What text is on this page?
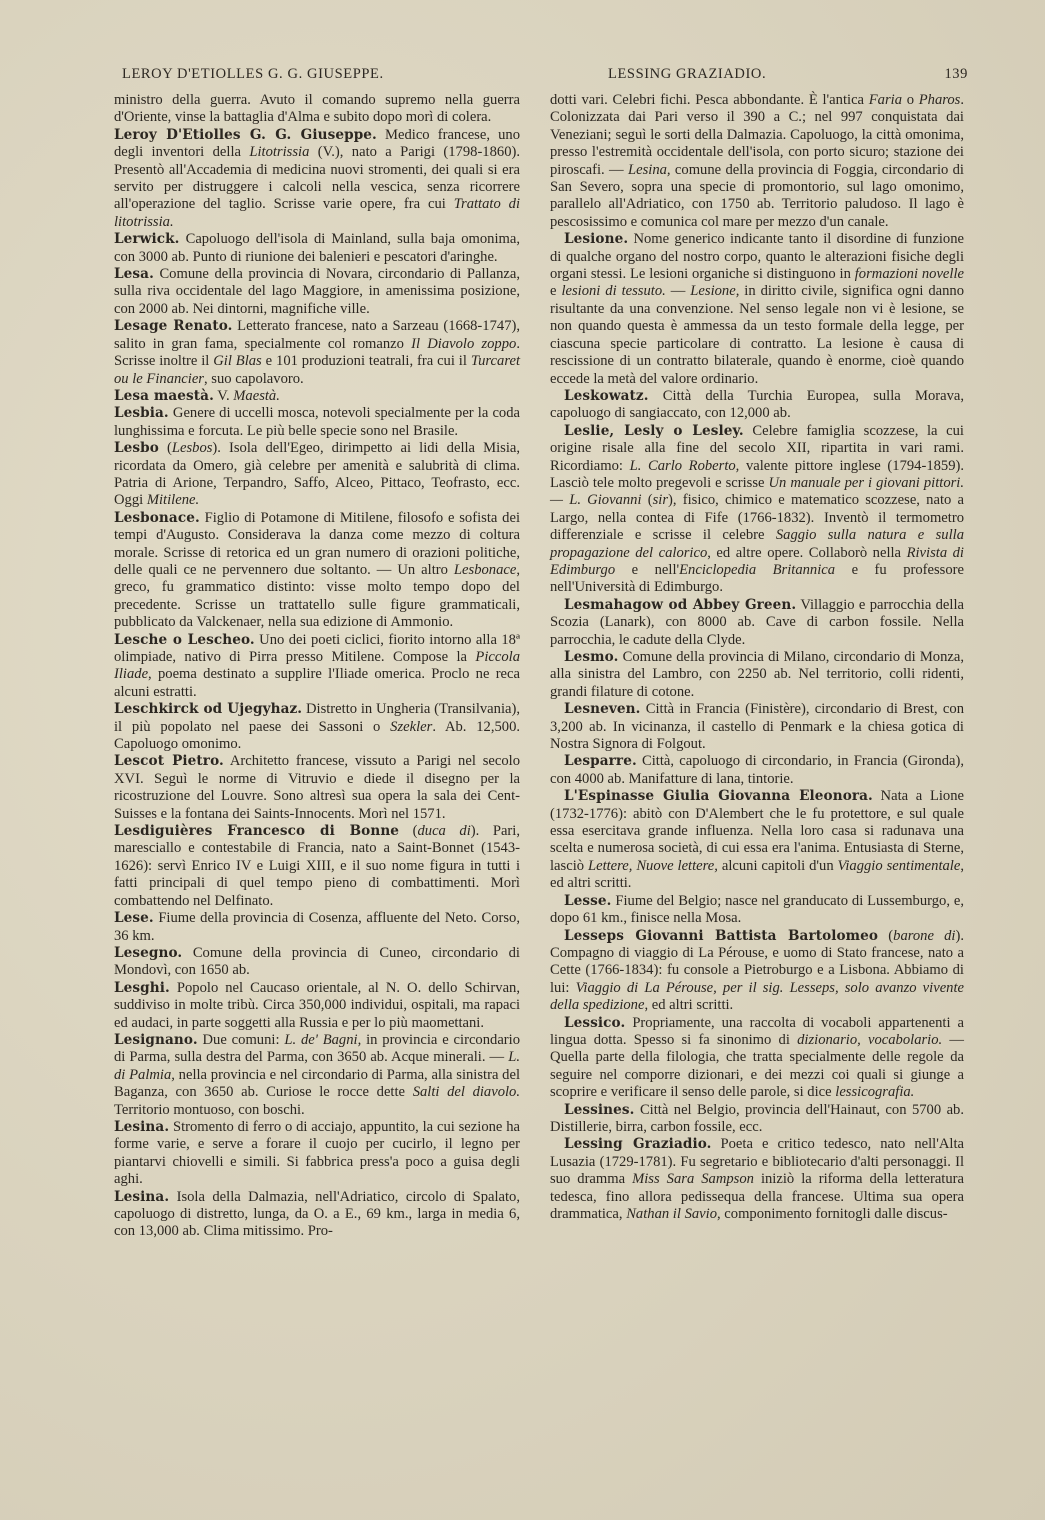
LEROY D'ETIOLLES G. G. GIUSEPPE.	LESSING GRAZIADIO.	139

ministro della guerra. Avuto il comando supremo nella guerra d'Oriente, vinse la battaglia d'Alma e subito dopo morì di colera.

Leroy D'Etiolles G. G. Giuseppe. Medico francese, uno degli inventori della Litotrissia (V.), nato a Parigi (1798-1860). Presentò all'Accademia di medicina nuovi stromenti, dei quali si era servito per distruggere i calcoli nella vescica, senza ricorrere all'operazione del taglio. Scrisse varie opere, fra cui Trattato di litotrissia.

Lerwick. Capoluogo dell'isola di Mainland, sulla baja omonima, con 3000 ab. Punto di riunione dei balenieri e pescatori d'aringhe.

Lesa. Comune della provincia di Novara, circondario di Pallanza, sulla riva occidentale del lago Maggiore, in amenissima posizione, con 2000 ab. Nei dintorni, magnifiche ville.

Lesage Renato. Letterato francese, nato a Sarzeau (1668-1747), salito in gran fama, specialmente col romanzo Il Diavolo zoppo. Scrisse inoltre il Gil Blas e 101 produzioni teatrali, fra cui il Turcaret ou le Financier, suo capolavoro.

Lesa maestà. V. Maestà.

Lesbia. Genere di uccelli mosca, notevoli specialmente per la coda lunghissima e forcuta. Le più belle specie sono nel Brasile.

Lesbo (Lesbos). Isola dell'Egeo, dirimpetto ai lidi della Misia, ricordata da Omero, già celebre per amenità e salubrità di clima. Patria di Arione, Terpandro, Saffo, Alceo, Pittaco, Teofrasto, ecc. Oggi Mitilene.

Lesbonace. Figlio di Potamone di Mitilene, filosofo e sofista dei tempi d'Augusto. Considerava la danza come mezzo di coltura morale. Scrisse di retorica ed un gran numero di orazioni politiche, delle quali ce ne pervennero due soltanto. — Un altro Lesbonace, greco, fu grammatico distinto: visse molto tempo dopo del precedente. Scrisse un trattatello sulle figure grammaticali, pubblicato da Valckenaer, nella sua edizione di Ammonio.

Lesche o Lescheo. Uno dei poeti ciclici, fiorito intorno alla 18ª olimpiade, nativo di Pirra presso Mitilene. Compose la Piccola Iliade, poema destinato a supplire l'Iliade omerica. Proclo ne reca alcuni estratti.

Leschkirck od Ujegyhaz. Distretto in Ungheria (Transilvania), il più popolato nel paese dei Sassoni o Szekler. Ab. 12,500. Capoluogo omonimo.

Lescot Pietro. Architetto francese, vissuto a Parigi nel secolo XVI. Seguì le norme di Vitruvio e diede il disegno per la ricostruzione del Louvre. Sono altresì sua opera la sala dei Cent-Suisses e la fontana dei Saints-Innocents. Morì nel 1571.

Lesdiguières Francesco di Bonne (duca di). Pari, maresciallo e contestabile di Francia, nato a Saint-Bonnet (1543-1626): servì Enrico IV e Luigi XIII, e il suo nome figura in tutti i fatti principali di quel tempo pieno di combattimenti. Morì combattendo nel Delfinato.

Lese. Fiume della provincia di Cosenza, affluente del Neto. Corso, 36 km.

Lesegno. Comune della provincia di Cuneo, circondario di Mondovì, con 1650 ab.

Lesghi. Popolo nel Caucaso orientale, al N. O. dello Schirvan, suddiviso in molte tribù. Circa 350,000 individui, ospitali, ma rapaci ed audaci, in parte soggetti alla Russia e per lo più maomettani.

Lesignano. Due comuni: L. de' Bagni, in provincia e circondario di Parma, sulla destra del Parma, con 3650 ab. Acque minerali. — L. di Palmia, nella provincia e nel circondario di Parma, alla sinistra del Baganza, con 3650 ab. Curiose le rocce dette Salti del diavolo. Territorio montuoso, con boschi.

Lesina. Stromento di ferro o di acciajo, appuntito, la cui sezione ha forme varie, e serve a forare il cuojo per cucirlo, il legno per piantarvi chiovelli e simili. Si fabbrica press'a poco a guisa degli aghi.

Lesina. Isola della Dalmazia, nell'Adriatico, circolo di Spalato, capoluogo di distretto, lunga, da O. a E., 69 km., larga in media 6, con 13,000 ab. Clima mitissimo. Pro-

dotti vari. Celebri fichi. Pesca abbondante. È l'antica Faria o Pharos. Colonizzata dai Pari verso il 390 a C.; nel 997 conquistata dai Veneziani; seguì le sorti della Dalmazia. Capoluogo, la città omonima, presso l'estremità occidentale dell'isola, con porto sicuro; stazione dei piroscafi. — Lesina, comune della provincia di Foggia, circondario di San Severo, sopra una specie di promontorio, sul lago omonimo, parallelo all'Adriatico, con 1750 ab. Territorio paludoso. Il lago è pescosissimo e comunica col mare per mezzo d'un canale.

Lesione. Nome generico indicante tanto il disordine di funzione di qualche organo del nostro corpo, quanto le alterazioni fisiche degli organi stessi. Le lesioni organiche si distinguono in formazioni novelle e lesioni di tessuto. — Lesione, in diritto civile, significa ogni danno risultante da una convenzione. Nel senso legale non vi è lesione, se non quando questa è ammessa da un testo formale della legge, per ciascuna specie particolare di contratto. La lesione è causa di rescissione di un contratto bilaterale, quando è enorme, cioè quando eccede la metà del valore ordinario.

Leskowatz. Città della Turchia Europea, sulla Morava, capoluogo di sangiaccato, con 12,000 ab.

Leslie, Lesly o Lesley. Celebre famiglia scozzese, la cui origine risale alla fine del secolo XII, ripartita in vari rami. Ricordiamo: L. Carlo Roberto, valente pittore inglese (1794-1859). Lasciò tele molto pregevoli e scrisse Un manuale per i giovani pittori. — L. Giovanni (sir), fisico, chimico e matematico scozzese, nato a Largo, nella contea di Fife (1766-1832). Inventò il termometro differenziale e scrisse il celebre Saggio sulla natura e sulla propagazione del calorico, ed altre opere. Collaborò nella Rivista di Edimburgo e nell'Enciclopedia Britannica e fu professore nell'Università di Edimburgo.

Lesmahagow od Abbey Green. Villaggio e parrocchia della Scozia (Lanark), con 8000 ab. Cave di carbon fossile. Nella parrocchia, le cadute della Clyde.

Lesmo. Comune della provincia di Milano, circondario di Monza, alla sinistra del Lambro, con 2250 ab. Nel territorio, colli ridenti, grandi filature di cotone.

Lesneven. Città in Francia (Finistère), circondario di Brest, con 3,200 ab. In vicinanza, il castello di Penmark e la chiesa gotica di Nostra Signora di Folgout.

Lesparre. Città, capoluogo di circondario, in Francia (Gironda), con 4000 ab. Manifatture di lana, tintorie.

L'Espinasse Giulia Giovanna Eleonora. Nata a Lione (1732-1776): abitò con D'Alembert che le fu protettore, e sul quale essa esercitava grande influenza. Nella loro casa si radunava una scelta e numerosa società, di cui essa era l'anima. Entusiasta di Sterne, lasciò Lettere, Nuove lettere, alcuni capitoli d'un Viaggio sentimentale, ed altri scritti.

Lesse. Fiume del Belgio; nasce nel granducato di Lussemburgo, e, dopo 61 km., finisce nella Mosa.

Lesseps Giovanni Battista Bartolomeo (barone di). Compagno di viaggio di La Pérouse, e uomo di Stato francese, nato a Cette (1766-1834): fu console a Pietroburgo e a Lisbona. Abbiamo di lui: Viaggio di La Pérouse, per il sig. Lesseps, solo avanzo vivente della spedizione, ed altri scritti.

Lessico. Propriamente, una raccolta di vocaboli appartenenti a lingua dotta. Spesso si fa sinonimo di dizionario, vocabolario. — Quella parte della filologia, che tratta specialmente delle regole da seguire nel comporre dizionari, e dei mezzi coi quali si giunge a scoprire e verificare il senso delle parole, si dice lessicografia.

Lessines. Città nel Belgio, provincia dell'Hainaut, con 5700 ab. Distillerie, birra, carbon fossile, ecc.

Lessing Graziadio. Poeta e critico tedesco, nato nell'Alta Lusazia (1729-1781). Fu segretario e bibliotecario d'alti personaggi. Il suo dramma Miss Sara Sampson iniziò la riforma della letteratura tedesca, fino allora pedissequa della francese. Ultima sua opera drammatica, Nathan il Savio, componimento fornitogli dalle discus-
